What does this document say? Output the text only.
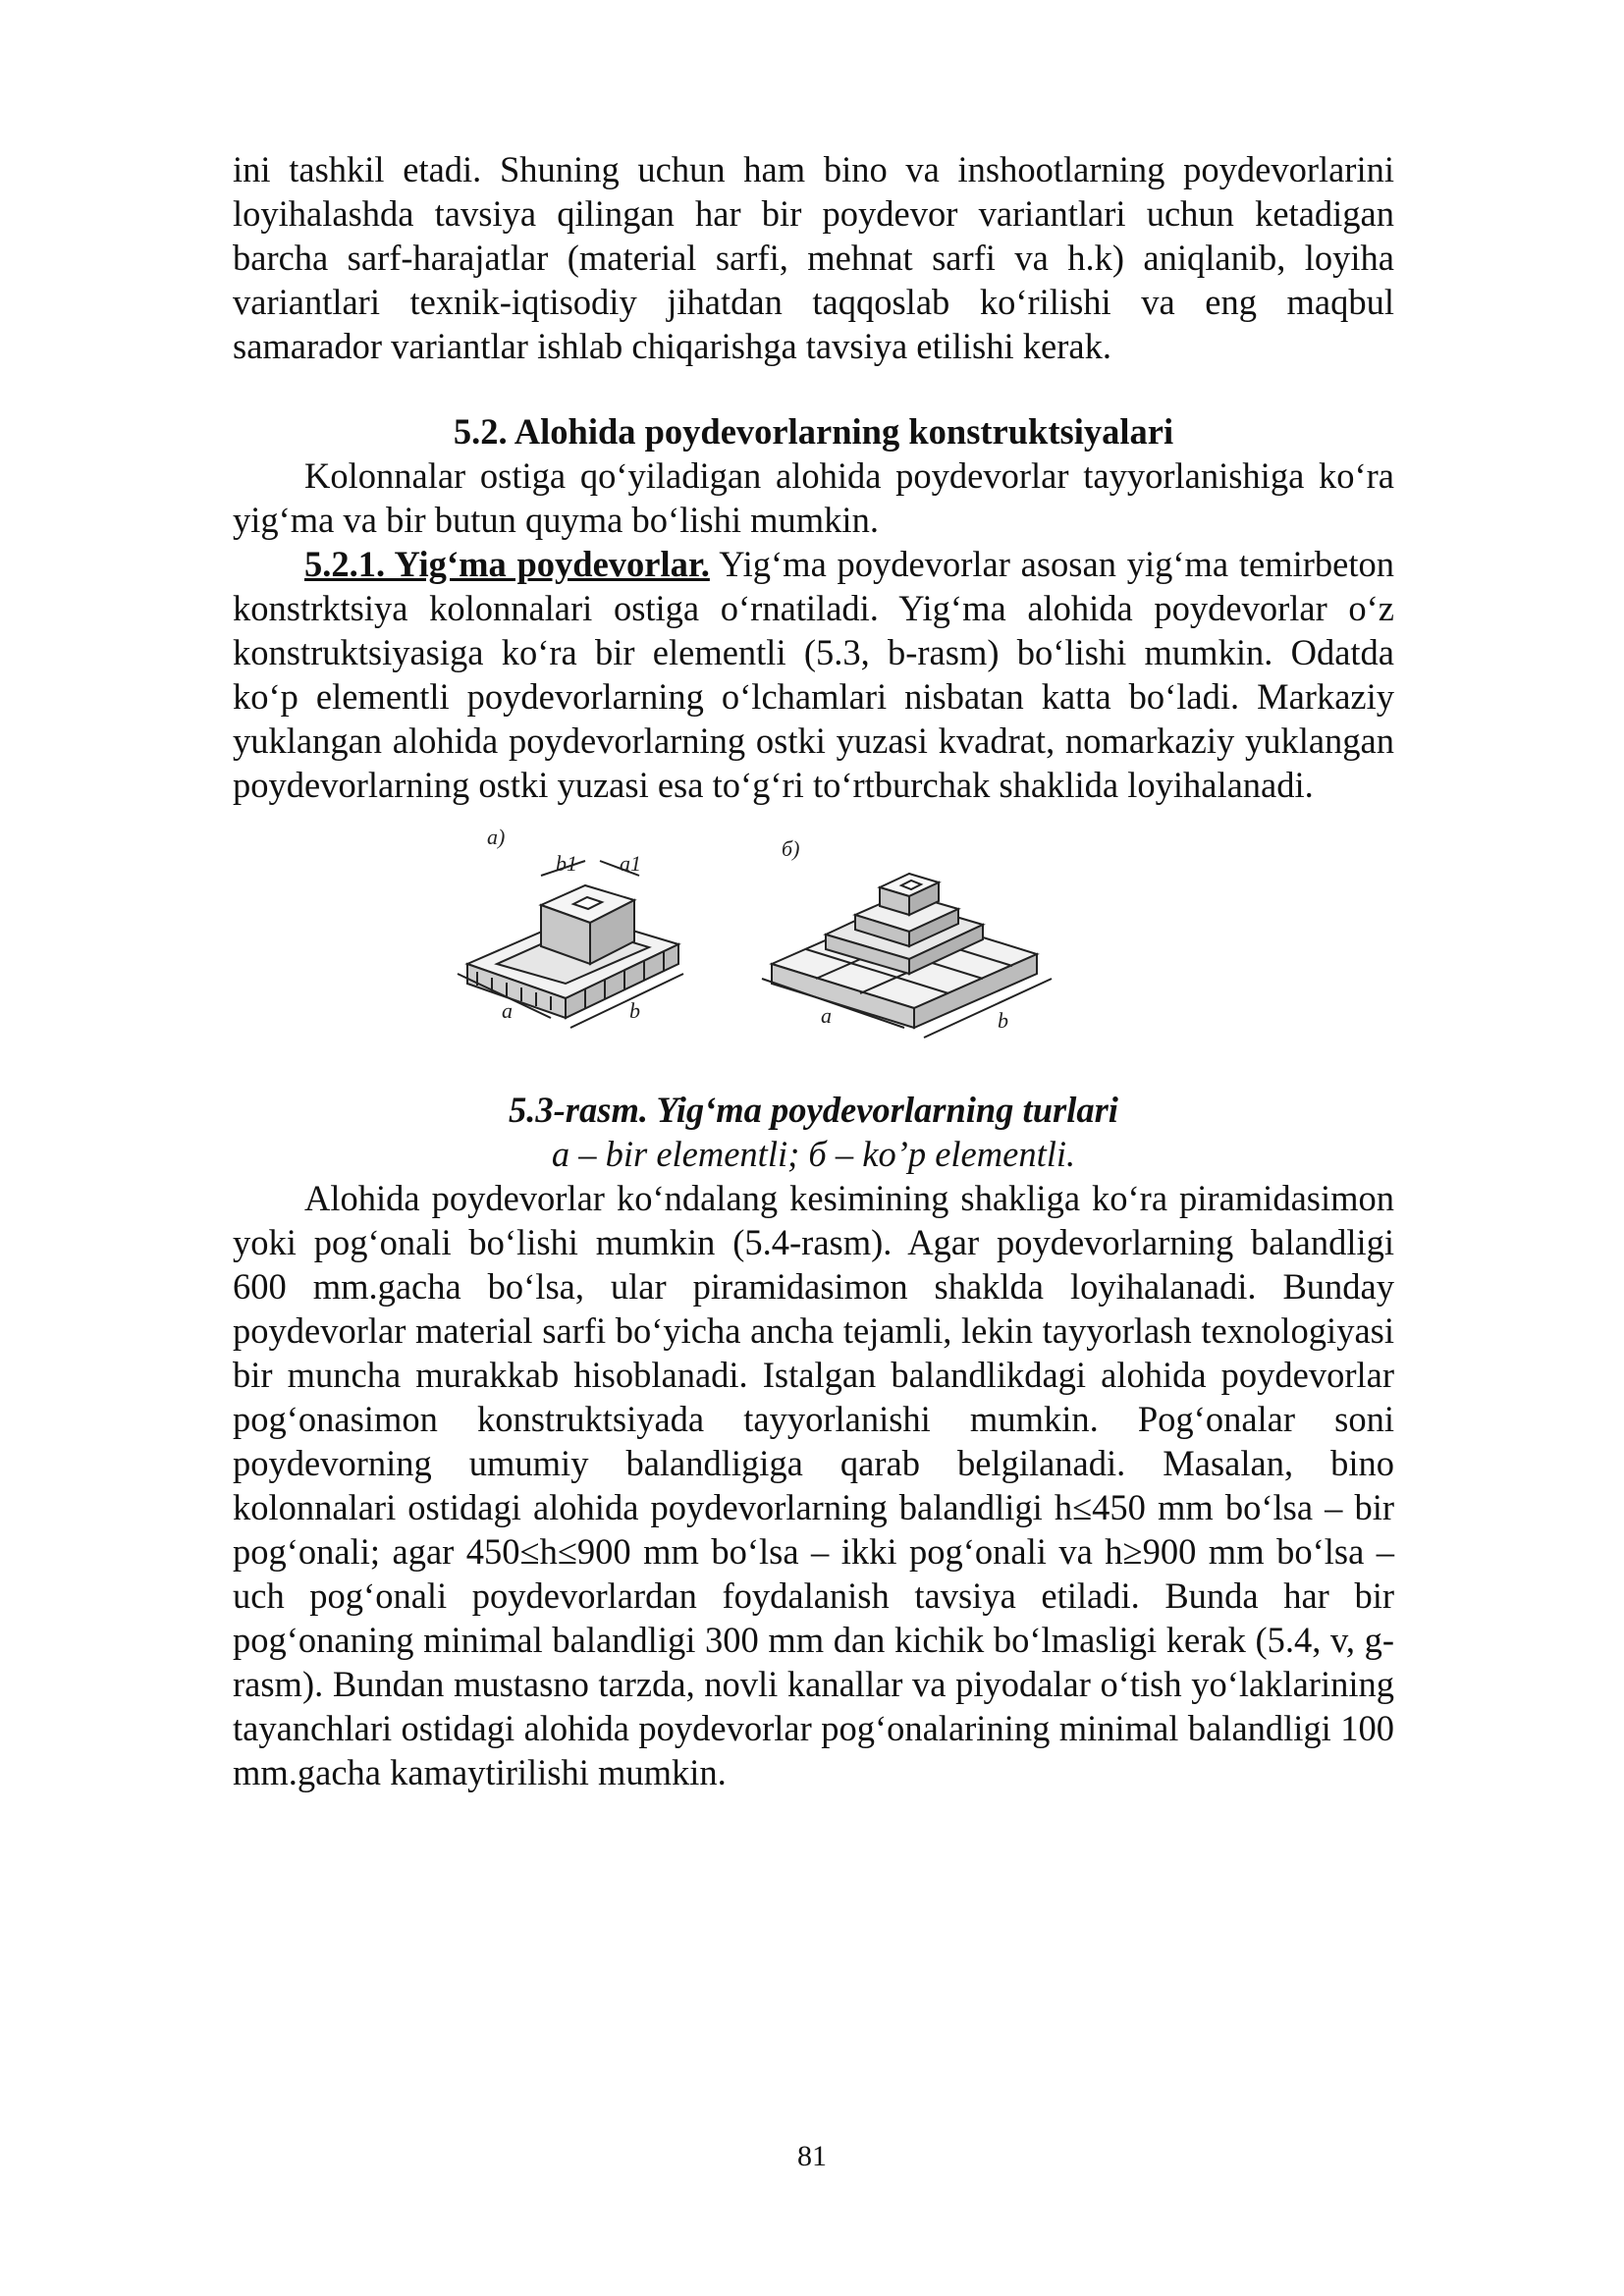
ini tashkil etadi. Shuning uchun ham bino va inshootlarning poydevorlarini loyihalashda tavsiya qilingan har bir poydevor variantlari uchun ketadigan barcha sarf-harajatlar (material sarfi, mehnat sarfi va h.k) aniqlanib, loyiha variantlari texnik-iqtisodiy jihatdan taqqoslab ko‘rilishi va eng maqbul samarador variantlar ishlab chiqarishga tavsiya etilishi kerak.

5.2. Alohida poydevorlarning konstruktsiyalari

Kolonnalar ostiga qo‘yiladigan alohida poydevorlar tayyorlanishiga ko‘ra yig‘ma va bir butun quyma bo‘lishi mumkin.

5.2.1. Yig‘ma poydevorlar. Yig‘ma poydevorlar asosan yig‘ma temirbeton konstrktsiya kolonnalari ostiga o‘rnatiladi. Yig‘ma alohida poydevorlar o‘z konstruktsiyasiga ko‘ra bir elementli (5.3, b-rasm) bo‘lishi mumkin. Odatda ko‘p elementli poydevorlarning o‘lchamlari nisbatan katta bo‘ladi. Markaziy yuklangan alohida poydevorlarning ostki yuzasi kvadrat, nomarkaziy yuklangan poydevorlarning ostki yuzasi esa to‘g‘ri to‘rtburchak shaklida loyihalanadi.

a)	б)
b1 a1
a	b	a	b

5.3-rasm. Yig‘ma poydevorlarning turlari

a – bir elementli; б – ko’p elementli.

Alohida poydevorlar ko‘ndalang kesimining shakliga ko‘ra piramidasimon yoki pog‘onali bo‘lishi mumkin (5.4-rasm). Agar poydevorlarning balandligi 600 mm.gacha bo‘lsa, ular piramidasimon shaklda loyihalanadi. Bunday poydevorlar material sarfi bo‘yicha ancha tejamli, lekin tayyorlash texnologiyasi bir muncha murakkab hisoblanadi. Istalgan balandlikdagi alohida poydevorlar pog‘onasimon konstruktsiyada tayyorlanishi mumkin. Pog‘onalar soni poydevorning umumiy balandligiga qarab belgilanadi. Masalan, bino kolonnalari ostidagi alohida poydevorlarning balandligi h≤450 mm bo‘lsa – bir pog‘onali; agar 450≤h≤900 mm bo‘lsa – ikki pog‘onali va h≥900 mm bo‘lsa – uch pog‘onali poydevorlardan foydalanish tavsiya etiladi. Bunda har bir pog‘onaning minimal balandligi 300 mm dan kichik bo‘lmasligi kerak (5.4, v, g-rasm). Bundan mustasno tarzda, novli kanallar va piyodalar o‘tish yo‘laklarining tayanchlari ostidagi alohida poydevorlar pog‘onalarining minimal balandligi 100 mm.gacha kamaytirilishi mumkin.

81
